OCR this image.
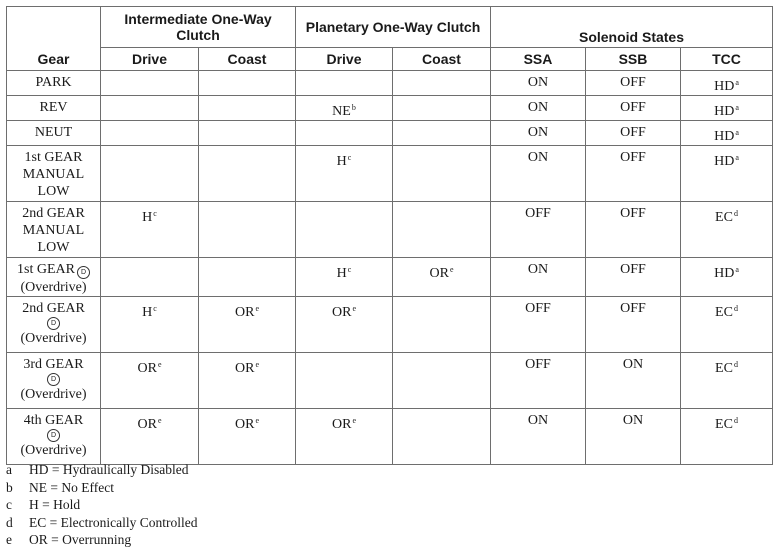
Gear	Intermediate One-Way Clutch		Planetary One-Way Clutch		Solenoid States		
	Drive	Coast	Drive	Coast	SSA	SSB	TCC

PARK					ON	OFF	$HD^a$

REV			$NE^b$		ON	OFF	$HD^a$

NEUT					ON	OFF	$HD^a$

1st GEAR
MANUAL
LOW			$H^c$		ON	OFF	$HD^a$

2nd GEAR
MANUAL
LOW	$H^c$				OFF	OFF	$EC^d$
1st GEAR D

(Overdrive)			$H^c$	$OR^e$	ON	OFF	$HD^a$

2nd GEAR
D
(Overdrive)	$H^c$	$OR^e$	$OR^e$		OFF	OFF	$EC^d$

3rd GEAR
D
(Overdrive)	$OR^e$	$OR^e$			OFF	ON	$EC^d$

4th GEAR
D
(Overdrive)	$OR^e$	$OR^e$	$OR^e$		ON	ON	$EC^d$
a	HD = Hydraulically Disabled
b	NE = No Effect
c	H = Hold
d	EC = Electronically Controlled
e	OR = Overrunning
